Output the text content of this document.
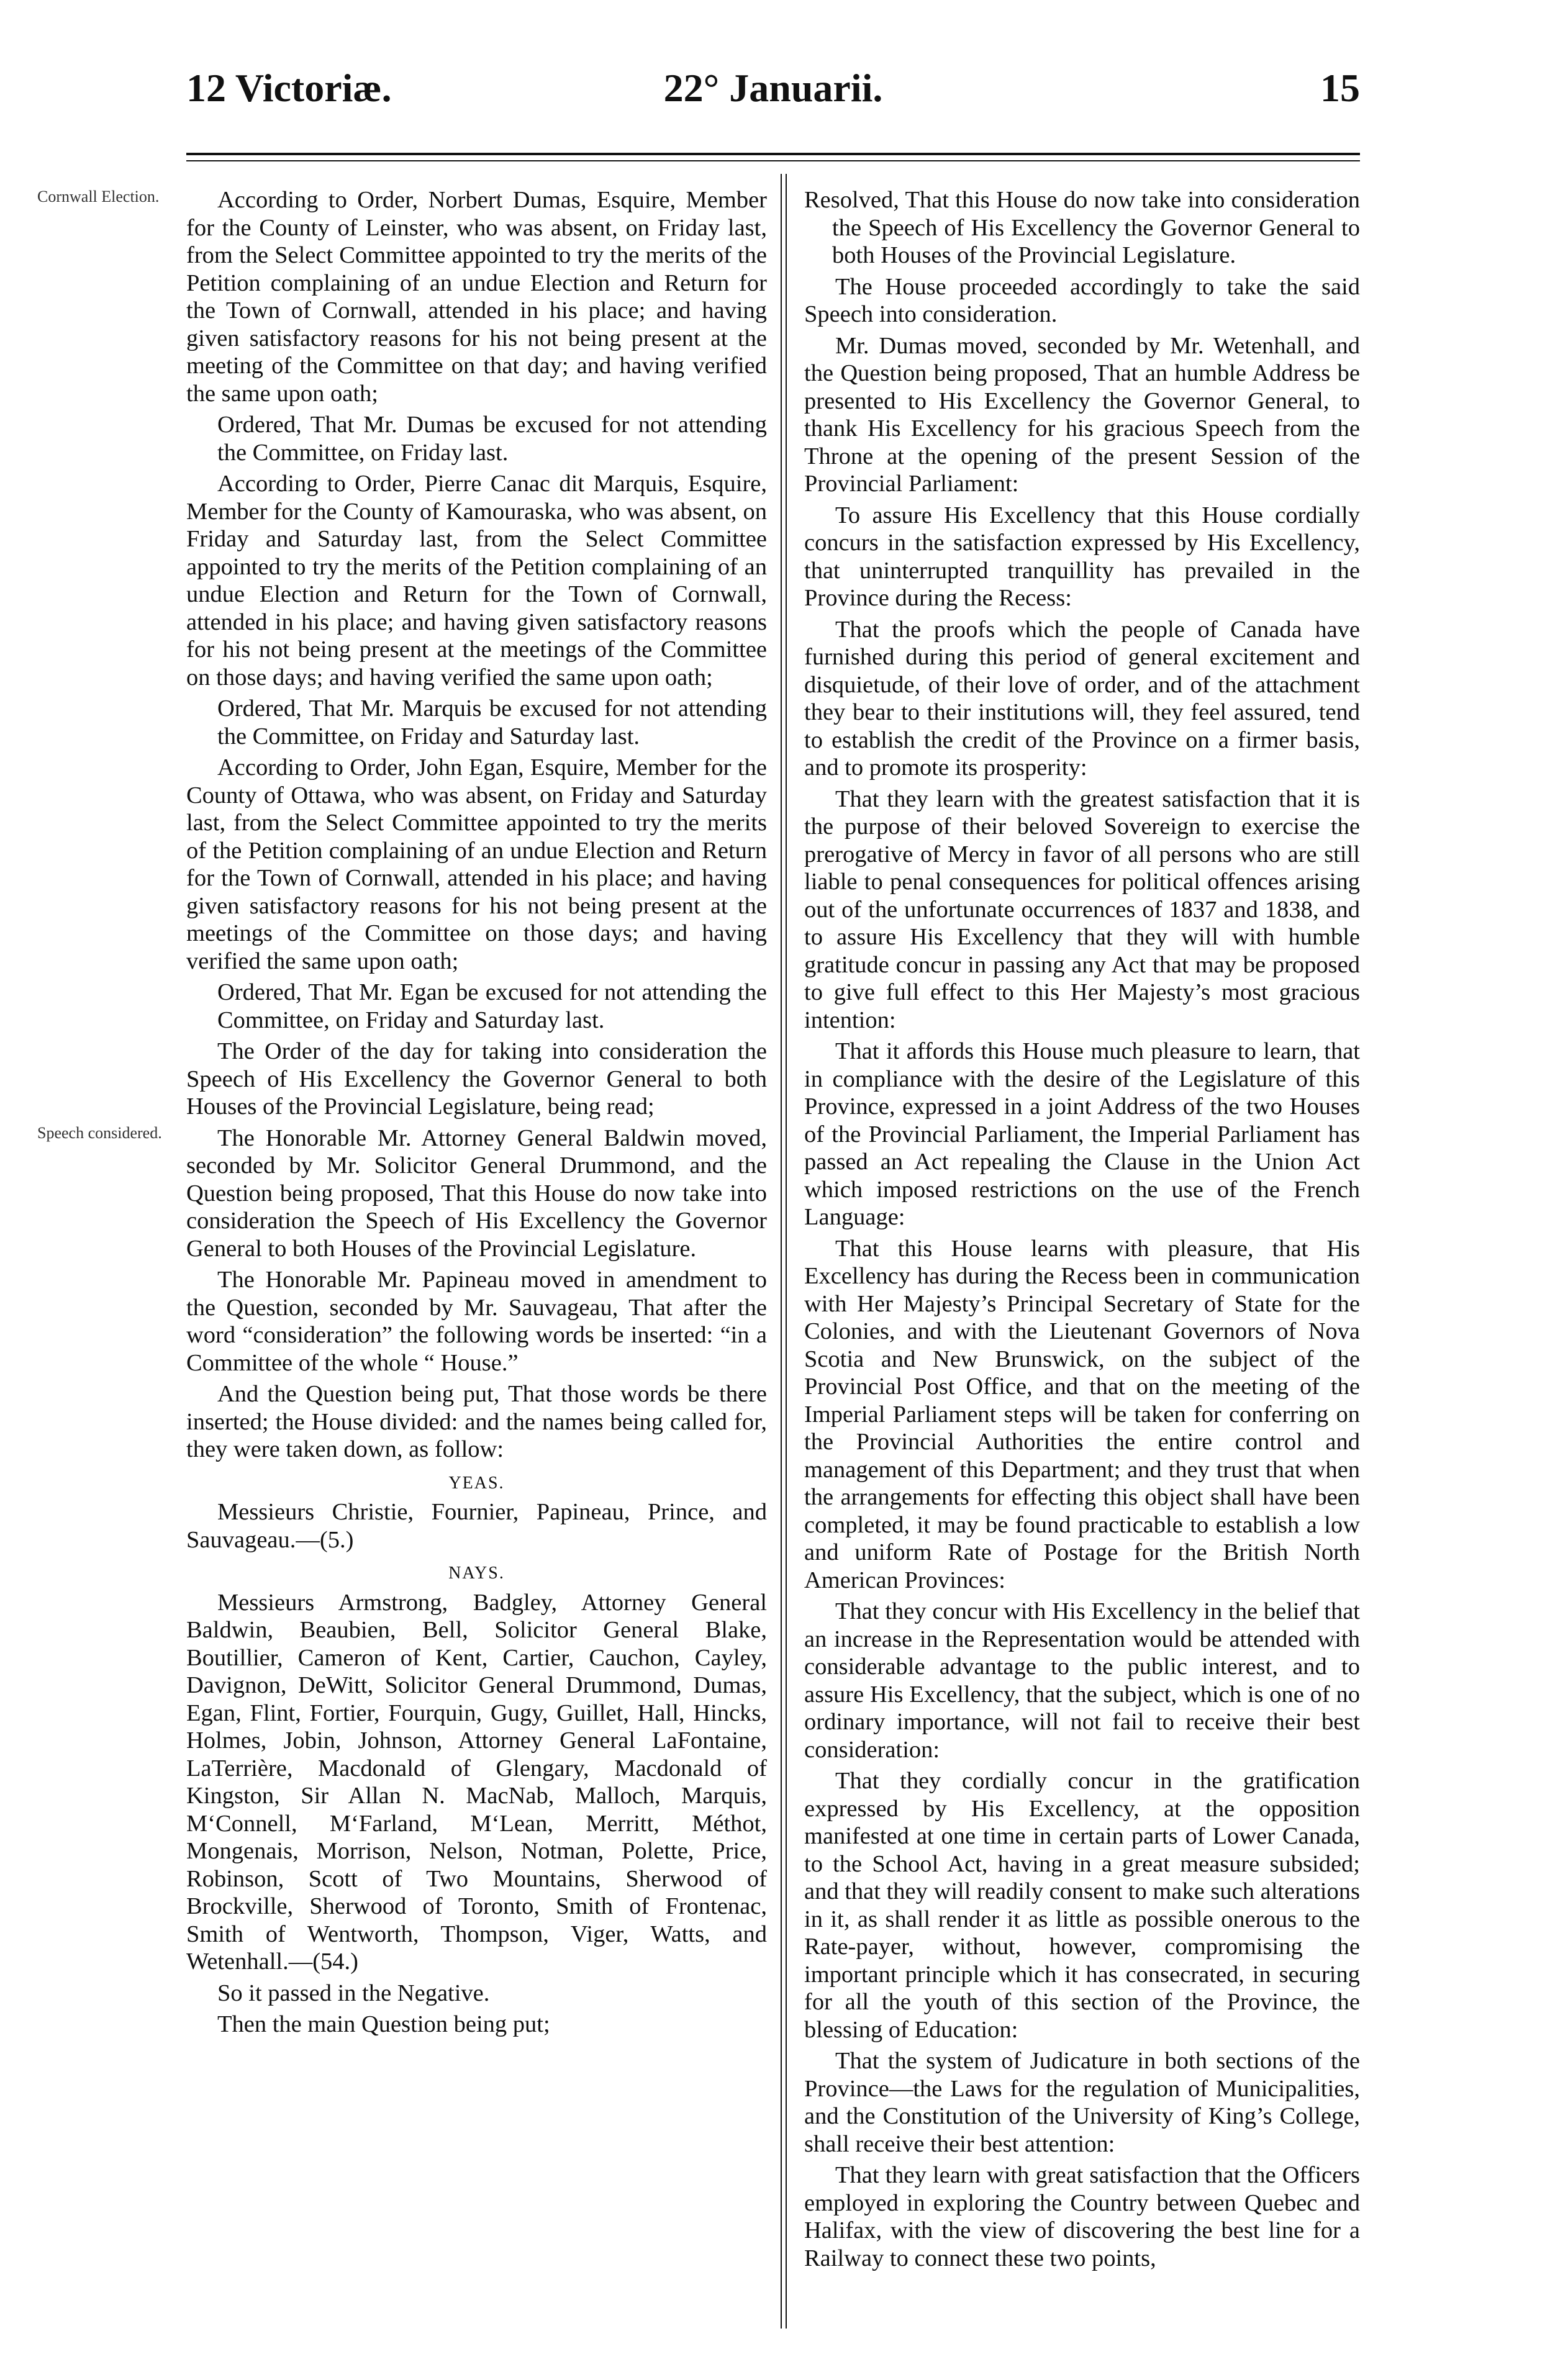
12 Victoriæ.	22° Januarii.	15
Cornwall Election.
Speech considered.

According to Order, Norbert Dumas, Esquire, Member for the County of Leinster, who was absent, on Friday last, from the Select Committee appointed to try the merits of the Petition complaining of an undue Election and Return for the Town of Cornwall, attended in his place; and having given satisfactory reasons for his not being present at the meeting of the Committee on that day; and having verified the same upon oath;

Ordered, That Mr. Dumas be excused for not attending the Committee, on Friday last.

According to Order, Pierre Canac dit Marquis, Esquire, Member for the County of Kamouraska, who was absent, on Friday and Saturday last, from the Select Committee appointed to try the merits of the Petition complaining of an undue Election and Return for the Town of Cornwall, attended in his place; and having given satisfactory reasons for his not being present at the meetings of the Committee on those days; and having verified the same upon oath;

Ordered, That Mr. Marquis be excused for not attending the Committee, on Friday and Saturday last.

According to Order, John Egan, Esquire, Member for the County of Ottawa, who was absent, on Friday and Saturday last, from the Select Committee appointed to try the merits of the Petition complaining of an undue Election and Return for the Town of Cornwall, attended in his place; and having given satisfactory reasons for his not being present at the meetings of the Committee on those days; and having verified the same upon oath;

Ordered, That Mr. Egan be excused for not attending the Committee, on Friday and Saturday last.

The Order of the day for taking into consideration the Speech of His Excellency the Governor General to both Houses of the Provincial Legislature, being read;

The Honorable Mr. Attorney General Baldwin moved, seconded by Mr. Solicitor General Drummond, and the Question being proposed, That this House do now take into consideration the Speech of His Excellency the Governor General to both Houses of the Provincial Legislature.

The Honorable Mr. Papineau moved in amendment to the Question, seconded by Mr. Sauvageau, That after the word “consideration” the following words be inserted: “in a Committee of the whole “ House.”

And the Question being put, That those words be there inserted; the House divided: and the names being called for, they were taken down, as follow:

YEAS.

Messieurs Christie, Fournier, Papineau, Prince, and Sauvageau.—(5.)

NAYS.

Messieurs Armstrong, Badgley, Attorney General Baldwin, Beaubien, Bell, Solicitor General Blake, Boutillier, Cameron of Kent, Cartier, Cauchon, Cayley, Davignon, DeWitt, Solicitor General Drummond, Dumas, Egan, Flint, Fortier, Fourquin, Gugy, Guillet, Hall, Hincks, Holmes, Jobin, Johnson, Attorney General LaFontaine, LaTerrière, Macdonald of Glengary, Macdonald of Kingston, Sir Allan N. MacNab, Malloch, Marquis, M‘Connell, M‘Farland, M‘Lean, Merritt, Méthot, Mongenais, Morrison, Nelson, Notman, Polette, Price, Robinson, Scott of Two Mountains, Sherwood of Brockville, Sherwood of Toronto, Smith of Frontenac, Smith of Wentworth, Thompson, Viger, Watts, and Wetenhall.—(54.)

So it passed in the Negative.

Then the main Question being put;

Resolved, That this House do now take into consideration the Speech of His Excellency the Governor General to both Houses of the Provincial Legislature.

The House proceeded accordingly to take the said Speech into consideration.

Mr. Dumas moved, seconded by Mr. Wetenhall, and the Question being proposed, That an humble Address be presented to His Excellency the Governor General, to thank His Excellency for his gracious Speech from the Throne at the opening of the present Session of the Provincial Parliament:

To assure His Excellency that this House cordially concurs in the satisfaction expressed by His Excellency, that uninterrupted tranquillity has prevailed in the Province during the Recess:

That the proofs which the people of Canada have furnished during this period of general excitement and disquietude, of their love of order, and of the attachment they bear to their institutions will, they feel assured, tend to establish the credit of the Province on a firmer basis, and to promote its prosperity:

That they learn with the greatest satisfaction that it is the purpose of their beloved Sovereign to exercise the prerogative of Mercy in favor of all persons who are still liable to penal consequences for political offences arising out of the unfortunate occurrences of 1837 and 1838, and to assure His Excellency that they will with humble gratitude concur in passing any Act that may be proposed to give full effect to this Her Majesty’s most gracious intention:

That it affords this House much pleasure to learn, that in compliance with the desire of the Legislature of this Province, expressed in a joint Address of the two Houses of the Provincial Parliament, the Imperial Parliament has passed an Act repealing the Clause in the Union Act which imposed restrictions on the use of the French Language:

That this House learns with pleasure, that His Excellency has during the Recess been in communication with Her Majesty’s Principal Secretary of State for the Colonies, and with the Lieutenant Governors of Nova Scotia and New Brunswick, on the subject of the Provincial Post Office, and that on the meeting of the Imperial Parliament steps will be taken for conferring on the Provincial Authorities the entire control and management of this Department; and they trust that when the arrangements for effecting this object shall have been completed, it may be found practicable to establish a low and uniform Rate of Postage for the British North American Provinces:

That they concur with His Excellency in the belief that an increase in the Representation would be attended with considerable advantage to the public interest, and to assure His Excellency, that the subject, which is one of no ordinary importance, will not fail to receive their best consideration:

That they cordially concur in the gratification expressed by His Excellency, at the opposition manifested at one time in certain parts of Lower Canada, to the School Act, having in a great measure subsided; and that they will readily consent to make such alterations in it, as shall render it as little as possible onerous to the Rate-payer, without, however, compromising the important principle which it has consecrated, in securing for all the youth of this section of the Province, the blessing of Education:

That the system of Judicature in both sections of the Province—the Laws for the regulation of Municipalities, and the Constitution of the University of King’s College, shall receive their best attention:

That they learn with great satisfaction that the Officers employed in exploring the Country between Quebec and Halifax, with the view of discovering the best line for a Railway to connect these two points,
